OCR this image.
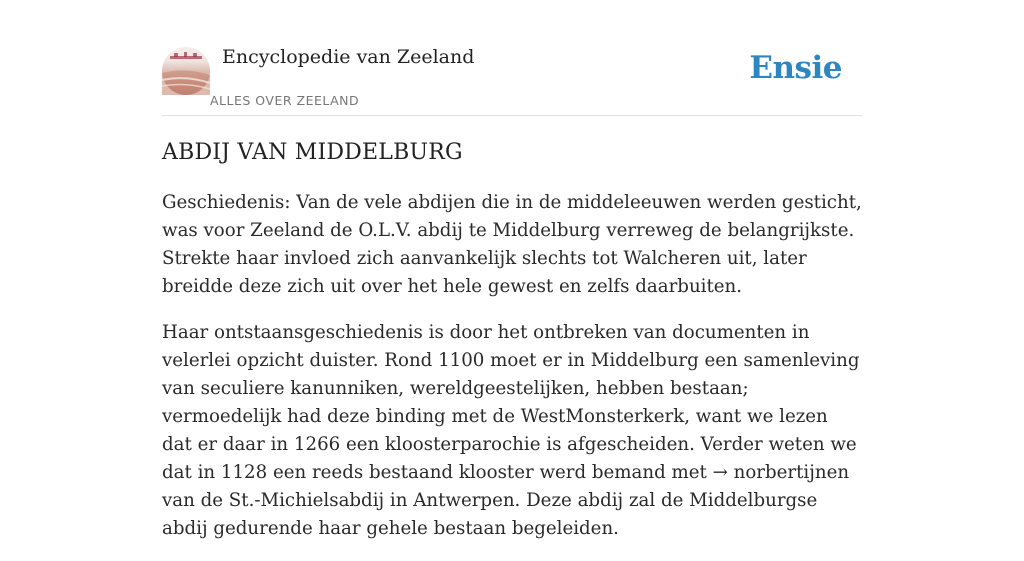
Encyclopedie van Zeeland
ALLES OVER ZEELAND
Ensie
ABDIJ VAN MIDDELBURG

Geschiedenis: Van de vele abdijen die in de middeleeuwen werden gesticht, was voor Zeeland de O.L.V. abdij te Middelburg verreweg de belangrijkste. Strekte haar invloed zich aanvankelijk slechts tot Walcheren uit, later breidde deze zich uit over het hele gewest en zelfs daarbuiten.

Haar ontstaansgeschiedenis is door het ontbreken van documenten in velerlei opzicht duister. Rond 1100 moet er in Middelburg een samenleving van seculiere kanunniken, wereldgeestelijken, hebben bestaan; vermoedelijk had deze binding met de WestMonsterkerk, want we lezen dat er daar in 1266 een kloosterparochie is afgescheiden. Verder weten we dat in 1128 een reeds bestaand klooster werd bemand met → norbertijnen van de St.-Michielsabdij in Antwerpen. Deze abdij zal de Middelburgse abdij gedurende haar gehele bestaan begeleiden.
